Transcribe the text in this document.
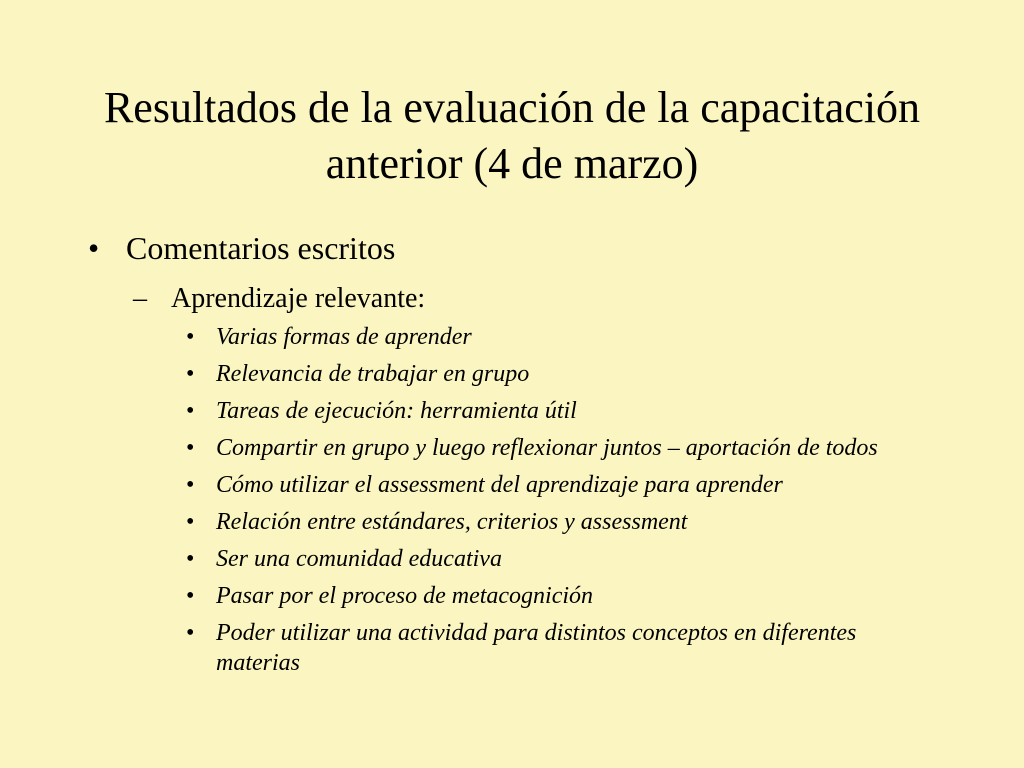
Resultados de la evaluación de la capacitación anterior (4 de marzo)
• Comentarios escritos
– Aprendizaje relevante:
• Varias formas de aprender
• Relevancia de trabajar en grupo
• Tareas de ejecución: herramienta útil
• Compartir en grupo y luego reflexionar juntos – aportación de todos
• Cómo utilizar el assessment del aprendizaje para aprender
• Relación entre estándares, criterios y assessment
• Ser una comunidad educativa
• Pasar por el proceso de metacognición
• Poder utilizar una actividad para distintos conceptos en diferentes materias
